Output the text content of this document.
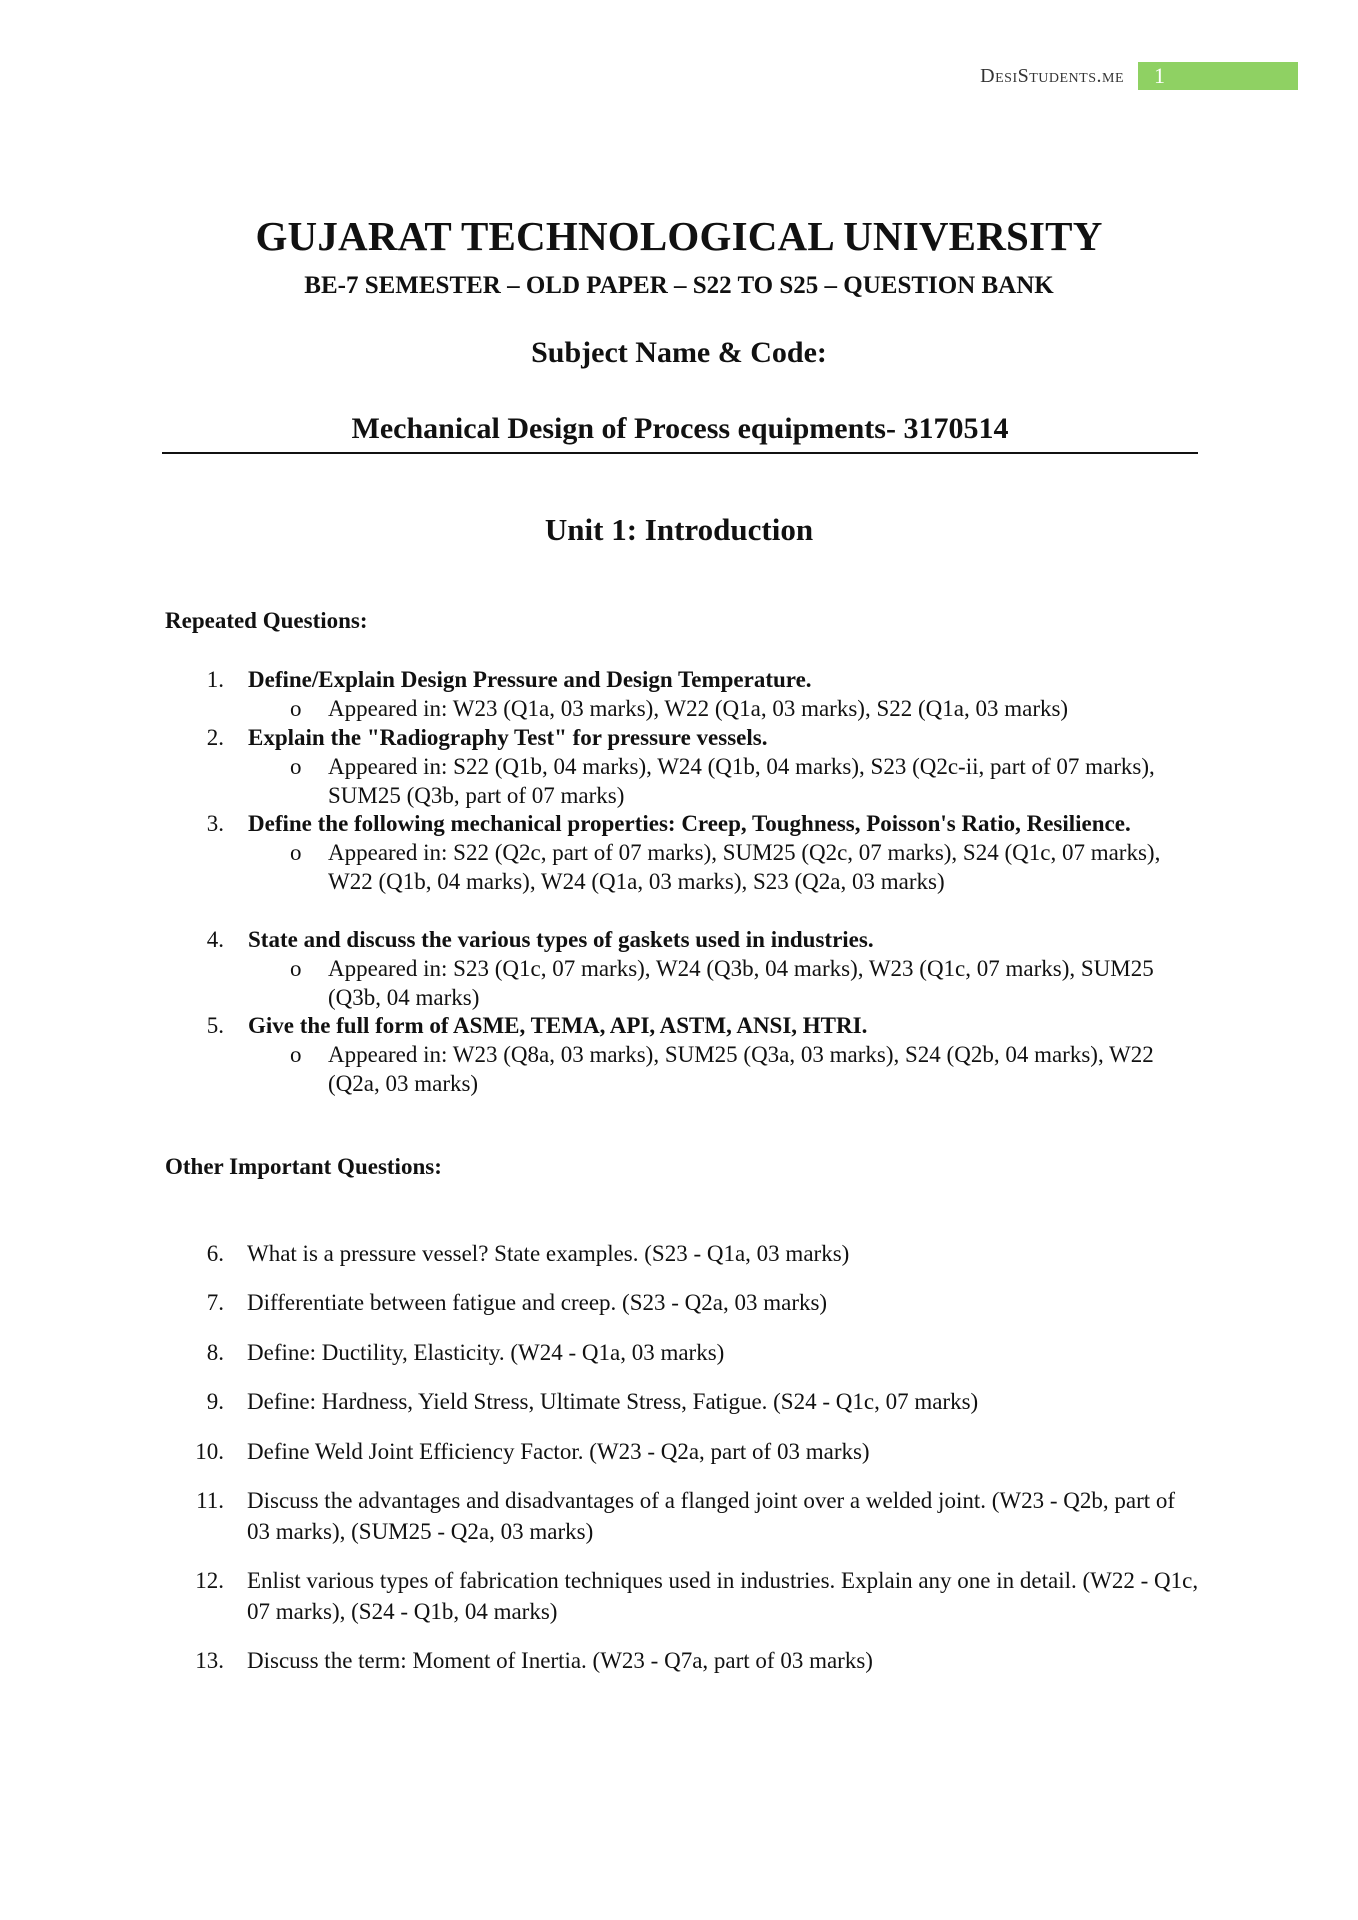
DesiStudents.me	1
GUJARAT TECHNOLOGICAL UNIVERSITY
BE-7 SEMESTER – OLD PAPER – S22 TO S25 – QUESTION BANK
Subject Name & Code:
Mechanical Design of Process equipments- 3170514
Unit 1: Introduction
Repeated Questions:
1. Define/Explain Design Pressure and Design Temperature.
o Appeared in: W23 (Q1a, 03 marks), W22 (Q1a, 03 marks), S22 (Q1a, 03 marks)
2. Explain the "Radiography Test" for pressure vessels.
o Appeared in: S22 (Q1b, 04 marks), W24 (Q1b, 04 marks), S23 (Q2c-ii, part of 07 marks), SUM25 (Q3b, part of 07 marks)
3. Define the following mechanical properties: Creep, Toughness, Poisson's Ratio, Resilience.
o Appeared in: S22 (Q2c, part of 07 marks), SUM25 (Q2c, 07 marks), S24 (Q1c, 07 marks), W22 (Q1b, 04 marks), W24 (Q1a, 03 marks), S23 (Q2a, 03 marks)
4. State and discuss the various types of gaskets used in industries.
o Appeared in: S23 (Q1c, 07 marks), W24 (Q3b, 04 marks), W23 (Q1c, 07 marks), SUM25 (Q3b, 04 marks)
5. Give the full form of ASME, TEMA, API, ASTM, ANSI, HTRI.
o Appeared in: W23 (Q8a, 03 marks), SUM25 (Q3a, 03 marks), S24 (Q2b, 04 marks), W22 (Q2a, 03 marks)
Other Important Questions:
6. What is a pressure vessel? State examples. (S23 - Q1a, 03 marks)
7. Differentiate between fatigue and creep. (S23 - Q2a, 03 marks)
8. Define: Ductility, Elasticity. (W24 - Q1a, 03 marks)
9. Define: Hardness, Yield Stress, Ultimate Stress, Fatigue. (S24 - Q1c, 07 marks)
10. Define Weld Joint Efficiency Factor. (W23 - Q2a, part of 03 marks)
11. Discuss the advantages and disadvantages of a flanged joint over a welded joint. (W23 - Q2b, part of 03 marks), (SUM25 - Q2a, 03 marks)
12. Enlist various types of fabrication techniques used in industries. Explain any one in detail. (W22 - Q1c, 07 marks), (S24 - Q1b, 04 marks)
13. Discuss the term: Moment of Inertia. (W23 - Q7a, part of 03 marks)
